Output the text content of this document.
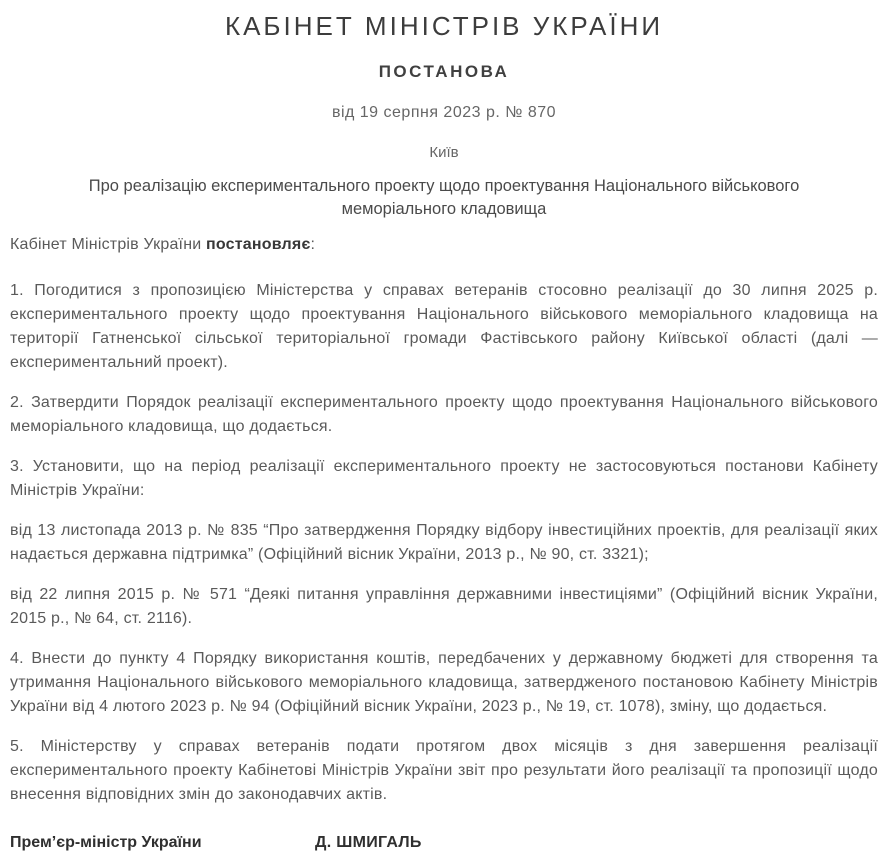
КАБІНЕТ МІНІСТРІВ УКРАЇНИ
ПОСТАНОВА
від 19 серпня 2023 р. № 870
Київ
Про реалізацію експериментального проекту щодо проектування Національного військового меморіального кладовища

Кабінет Міністрів України постановляє:

1. Погодитися з пропозицією Міністерства у справах ветеранів стосовно реалізації до 30 липня 2025 р. експериментального проекту щодо проектування Національного військового меморіального кладовища на території Гатненської сільської територіальної громади Фастівського району Київської області (далі — експериментальний проект).

2. Затвердити Порядок реалізації експериментального проекту щодо проектування Національного військового меморіального кладовища, що додається.

3. Установити, що на період реалізації експериментального проекту не застосовуються постанови Кабінету Міністрів України:

від 13 листопада 2013 р. № 835 “Про затвердження Порядку відбору інвестиційних проектів, для реалізації яких надається державна підтримка” (Офіційний вісник України, 2013 р., № 90, ст. 3321);

від 22 липня 2015 р. № 571 “Деякі питання управління державними інвестиціями” (Офіційний вісник України, 2015 р., № 64, ст. 2116).

4. Внести до пункту 4 Порядку використання коштів, передбачених у державному бюджеті для створення та утримання Національного військового меморіального кладовища, затвердженого постановою Кабінету Міністрів України від 4 лютого 2023 р. № 94 (Офіційний вісник України, 2023 р., № 19, ст. 1078), зміну, що додається.

5. Міністерству у справах ветеранів подати протягом двох місяців з дня завершення реалізації експериментального проекту Кабінетові Міністрів України звіт про результати його реалізації та пропозиції щодо внесення відповідних змін до законодавчих актів.

Прем’єр-міністр України	Д. ШМИГАЛЬ
